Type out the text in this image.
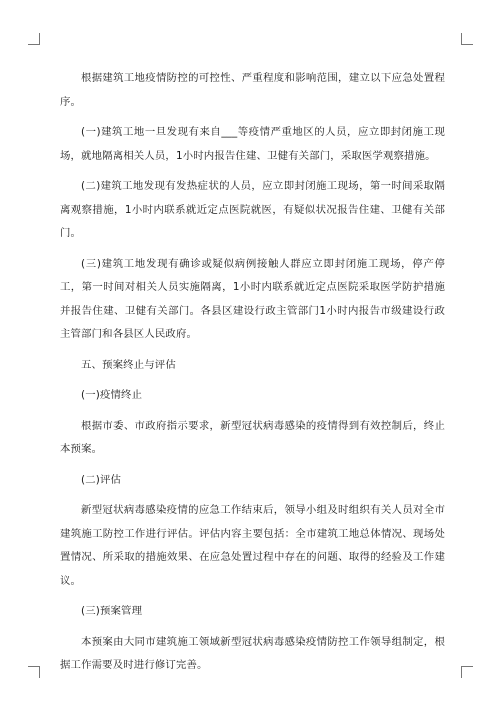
根据建筑工地疫情防控的可控性、严重程度和影响范围，建立以下应急处置程序。

(一)建筑工地一旦发现有来自___等疫情严重地区的人员，应立即封闭施工现场，就地隔离相关人员，1小时内报告住建、卫健有关部门，采取医学观察措施。

(二)建筑工地发现有发热症状的人员，应立即封闭施工现场，第一时间采取隔离观察措施，1小时内联系就近定点医院就医，有疑似状况报告住建、卫健有关部门。

(三)建筑工地发现有确诊或疑似病例接触人群应立即封闭施工现场，停产停工，第一时间对相关人员实施隔离，1小时内联系就近定点医院采取医学防护措施并报告住建、卫健有关部门。各县区建设行政主管部门1小时内报告市级建设行政主管部门和各县区人民政府。

五、预案终止与评估

(一)疫情终止

根据市委、市政府指示要求，新型冠状病毒感染的疫情得到有效控制后，终止本预案。

(二)评估

新型冠状病毒感染疫情的应急工作结束后，领导小组及时组织有关人员对全市建筑施工防控工作进行评估。评估内容主要包括：全市建筑工地总体情况、现场处置情况、所采取的措施效果、在应急处置过程中存在的问题、取得的经验及工作建议。

(三)预案管理

本预案由大同市建筑施工领域新型冠状病毒感染疫情防控工作领导组制定，根据工作需要及时进行修订完善。
